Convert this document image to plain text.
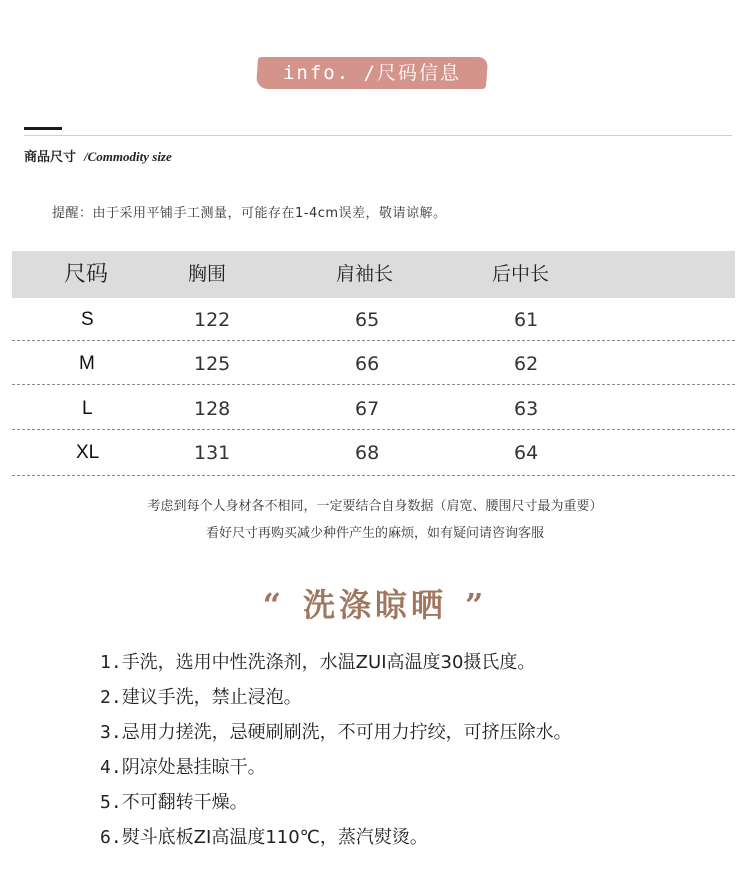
info. /尺码信息
商品尺寸 /Commodity size
提醒：由于采用平铺手工测量，可能存在1-4cm误差，敬请谅解。
尺码	胸围	肩袖长	后中长
S	122	65	61
M	125	66	62
L	128	67	63
XL	131	68	64
考虑到每个人身材各不相同，一定要结合自身数据（肩宽、腰围尺寸最为重要）
看好尺寸再购买减少种件产生的麻烦，如有疑问请咨询客服
“ 洗涤晾晒 ”
1.手洗，选用中性洗涤剂，水温ZUI高温度30摄氏度。
2.建议手洗，禁止浸泡。
3.忌用力搓洗，忌硬刷刷洗，不可用力拧绞，可挤压除水。
4.阴凉处悬挂晾干。
5.不可翻转干燥。
6.熨斗底板ZI高温度110℃，蒸汽熨烫。
